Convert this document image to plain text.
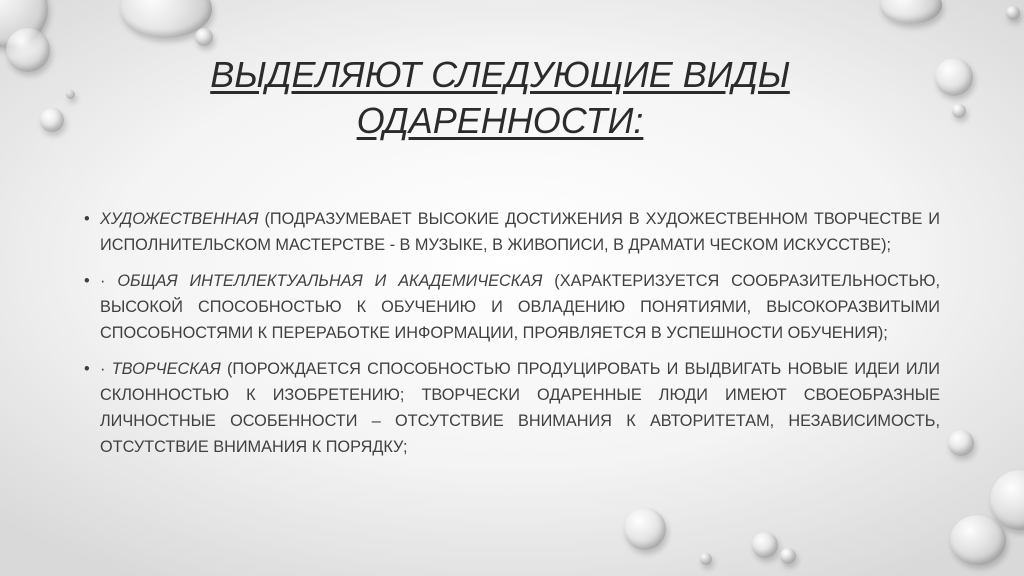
ВЫДЕЛЯЮТ СЛЕДУЮЩИЕ ВИДЫ ОДАРЕННОСТИ:
• ХУДОЖЕСТВЕННАЯ (ПОДРАЗУМЕВАЕТ ВЫСОКИЕ ДОСТИЖЕНИЯ В ХУДОЖЕСТВЕННОМ ТВОРЧЕСТВЕ И ИСПОЛНИТЕЛЬСКОМ МАСТЕРСТВЕ - В МУЗЫКЕ, В ЖИВОПИСИ, В ДРАМАТИ ЧЕСКОМ ИСКУССТВЕ);
• · ОБЩАЯ ИНТЕЛЛЕКТУАЛЬНАЯ И АКАДЕМИЧЕСКАЯ (ХАРАКТЕРИЗУЕТСЯ СООБРАЗИТЕЛЬНОСТЬЮ, ВЫСОКОЙ СПОСОБНОСТЬЮ К ОБУЧЕНИЮ И ОВЛАДЕНИЮ ПОНЯТИЯМИ, ВЫСОКОРАЗВИТЫМИ СПОСОБНОСТЯМИ К ПЕРЕРАБОТКЕ ИНФОРМАЦИИ, ПРОЯВЛЯЕТСЯ В УСПЕШНОСТИ ОБУЧЕНИЯ);
• · ТВОРЧЕСКАЯ (ПОРОЖДАЕТСЯ СПОСОБНОСТЬЮ ПРОДУЦИРОВАТЬ И ВЫДВИГАТЬ НОВЫЕ ИДЕИ ИЛИ СКЛОННОСТЬЮ К ИЗОБРЕТЕНИЮ; ТВОРЧЕСКИ ОДАРЕННЫЕ ЛЮДИ ИМЕЮТ СВОЕОБРАЗНЫЕ ЛИЧНОСТНЫЕ ОСОБЕННОСТИ – ОТСУТСТВИЕ ВНИМАНИЯ К АВТОРИТЕТАМ, НЕЗАВИСИМОСТЬ, ОТСУТСТВИЕ ВНИМАНИЯ К ПОРЯДКУ;
